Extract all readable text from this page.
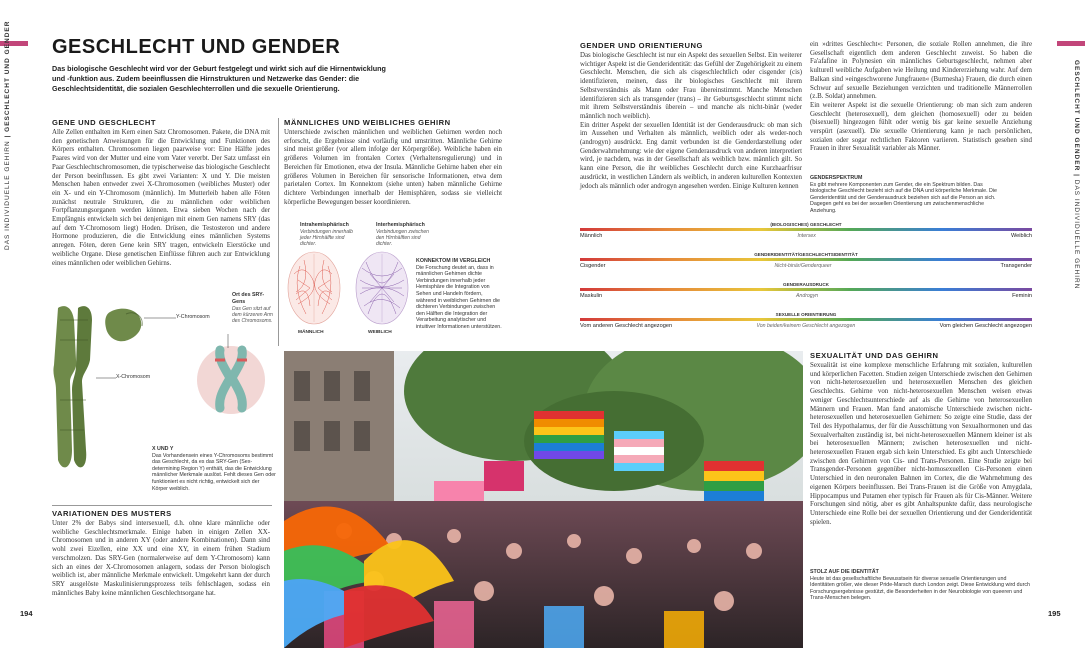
DAS INDIVIDUELLE GEHIRN | GESCHLECHT UND GENDER	GESCHLECHT UND GENDER | DAS INDIVIDUELLE GEHIRN
GESCHLECHT UND GENDER
Das biologische Geschlecht wird vor der Geburt festgelegt und wirkt sich auf die Hirnentwicklung und -funktion aus. Zudem beeinflussen die Hirnstrukturen und Netzwerke das Gender: die Geschlechtsidentität, die sozialen Geschlechterrollen und die sexuelle Orientierung.
GENE UND GESCHLECHT
Alle Zellen enthalten im Kern einen Satz Chromosomen. Pakete, die DNA mit den genetischen Anweisungen für die Entwicklung und Funktionen des Körpers enthalten. Chromosomen liegen paarweise vor: Eine Hälfte jedes Paares wird von der Mutter und eine vom Vater vererbt. Der Satz umfasst ein Paar Geschlechtschromosomen, die typischerweise das biologische Geschlecht der Person beeinflussen. Es gibt zwei Varianten: X und Y. Die meisten Menschen haben entweder zwei X-Chromosomen (weibliches Muster) oder ein X- und ein Y-Chromosom (männlich). Im Mutterleib haben alle Föten zunächst neutrale Strukturen, die zu männlichen oder weiblichen Fortpflanzungsorganen werden können. Etwa sieben Wochen nach der Empfängnis entwickeln sich bei denjenigen mit einem Gen namens SRY (das auf dem Y-Chromosom liegt) Hoden. Drüsen, die Testosteron und andere Hormone produzieren, die die Entwicklung eines männlichen Systems anregen. Föten, deren Gene kein SRY tragen, entwickeln Eierstöcke und weibliche Organe. Diese genetischen Einflüsse führen auch zur Entwicklung eines männlichen oder weiblichen Gehirns.
Y-Chromosom
X-Chromosom
Ort des SRY-Gens
Das Gen sitzt auf dem kürzeren Arm des Chromosoms.
X UND Y
Das Vorhandensein eines Y-Chromosoms bestimmt das Geschlecht, da es das SRY-Gen (Sex-determining Region Y) enthält, das die Entwicklung männlicher Merkmale auslöst. Fehlt dieses Gen oder funktioniert es nicht richtig, entwickelt sich der Körper weiblich.
VARIATIONEN DES MUSTERS
Unter 2% der Babys sind intersexuell, d.h. ohne klare männliche oder weibliche Geschlechtsmerkmale. Einige haben in einigen Zellen XX-Chromosomen und in anderen XY (oder andere Kombinationen). Dann sind wohl zwei Eizellen, eine XX und eine XY, in einem frühen Stadium verschmolzen. Das SRY-Gen (normalerweise auf dem Y-Chromosom) kann sich an eines der X-Chromosomen anlagern, sodass der Person biologisch weiblich ist, aber männliche Merkmale entwickelt. Umgekehrt kann der durch SRY ausgelöste Maskulinisierungsprozess teils fehlschlagen, sodass ein männliches Baby keine männlichen Geschlechtsorgane hat.
194
MÄNNLICHES UND WEIBLICHES GEHIRN
Unterschiede zwischen männlichen und weiblichen Gehirnen werden noch erforscht, die Ergebnisse sind vorläufig und umstritten. Männliche Gehirne sind meist größer (vor allem infolge der Körpergröße). Weibliche haben ein größeres Volumen im frontalen Cortex (Verhaltensregulierung) und in Bereichen für Emotionen, etwa der Insula. Männliche Gehirne haben eher ein größeres Volumen in Bereichen für sensorische Informationen, etwa dem parietalen Cortex. Im Konnektom (siehe unten) haben männliche Gehirne dichtere Verbindungen innerhalb der Hemisphären, sodass sie vielleicht körperliche Bewegungen besser koordinieren.
Intrahemisphärisch
Verbindungen innerhalb jeder Hirnhälfte sind dichter.
Interhemisphärisch
Verbindungen zwischen den Hirnhälften sind dichter.
MÄNNLICH	WEIBLICH
KONNEKTOM IM VERGLEICH
Die Forschung deutet an, dass in männlichen Gehirnen dichte Verbindungen innerhalb jeder Hemisphäre die Integration von Sehen und Handeln fördern, während in weiblichen Gehirnen die dichteren Verbindungen zwischen den Hälften die Integration der Verarbeitung analytischer und intuitiver Informationen unterstützen.
GENDER UND ORIENTIERUNG
Das biologische Geschlecht ist nur ein Aspekt des sexuellen Selbst. Ein weiterer wichtiger Aspekt ist die Genderidentität: das Gefühl der Zugehörigkeit zu einem Geschlecht. Menschen, die sich als cisgeschlechtlich oder cisgender (cis) identifizieren, meinen, dass ihr biologisches Geschlecht mit ihrem Selbstverständnis als Mann oder Frau übereinstimmt. Manche Menschen identifizieren sich als transgender (trans) – ihr Geburtsgeschlecht stimmt nicht mit ihrem Selbstverständnis überein – und manche als nicht-binär (weder männlich noch weiblich).
Ein dritter Aspekt der sexuellen Identität ist der Genderausdruck: ob man sich im Aussehen und Verhalten als männlich, weiblich oder als weder-noch (androgyn) ausdrückt. Eng damit verbunden ist die Genderdarstellung oder Genderwahrnehmung: wie der eigene Genderausdruck von anderen interpretiert wird, je nachdem, was in der Gesellschaft als weiblich bzw. männlich gilt. So kann eine Person, die ihr weibliches Geschlecht durch eine Kurzhaarfrisur ausdrückt, in westlichen Ländern als weiblich, in anderen kulturellen Kontexten jedoch als männlich oder androgyn angesehen werden. Einige Kulturen kennen
ein »drittes Geschlecht«: Personen, die soziale Rollen annehmen, die ihre Gesellschaft eigentlich dem anderen Geschlecht zuweist. So haben die Fa'afafine in Polynesien ein männliches Geburtsgeschlecht, nehmen aber kulturell weibliche Aufgaben wie Heilung und Kindererziehung wahr. Auf dem Balkan sind »eingeschworene Jungfrauen« (Burmesha) Frauen, die durch einen Schwur auf sexuelle Beziehungen verzichten und traditionelle Männerrollen (z.B. Soldat) annehmen.
Ein weiterer Aspekt ist die sexuelle Orientierung: ob man sich zum anderen Geschlecht (heterosexuell), dem gleichen (homosexuell) oder zu beiden (bisexuell) hingezogen fühlt oder wenig bis gar keine sexuelle Anziehung verspürt (asexuell). Die sexuelle Orientierung kann je nach persönlichen, sozialen oder sogar rechtlichen Faktoren variieren. Statistisch gesehen sind Frauen in ihrer Sexualität variabler als Männer.
GENDERSPEKTRUM
Es gibt mehrere Komponenten zum Gender, die ein Spektrum bilden. Das biologische Geschlecht bezieht sich auf die DNA und körperliche Merkmale. Die Genderidentität und der Genderausdruck beziehen sich auf die Person an sich. Dagegen geht es bei der sexuellen Orientierung um zwischenmenschliche Anziehung.
(BIOLOGISCHES) GESCHLECHT
Männlich	Intersex	Weiblich
GENDERIDENTITÄT/GESCHLECHTSIDENTITÄT
Cisgender	Nicht-binär/Genderqueer	Transgender
GENDERAUSDRUCK
Maskulin	Androgyn	Feminin
SEXUELLE ORIENTIERUNG
Vom anderen Geschlecht angezogen	Von beiden/keinem Geschlecht angezogen	Vom gleichen Geschlecht angezogen
SEXUALITÄT UND DAS GEHIRN
Sexualität ist eine komplexe menschliche Erfahrung mit sozialen, kulturellen und körperlichen Facetten. Studien zeigen Unterschiede zwischen den Gehirnen von nicht-heterosexuellen und heterosexuellen Menschen des gleichen Geschlechts. Gehirne von nicht-heterosexuellen Menschen weisen etwas weniger Geschlechtsunterschiede auf als die Gehirne von heterosexuellen Männern und Frauen. Man fand anatomische Unterschiede zwischen nicht-heterosexuellen und heterosexuellen Gehirnen: So zeigte eine Studie, dass der Teil des Hypothalamus, der für die Ausschüttung von Sexualhormonen und das Sexualverhalten zuständig ist, bei nicht-heterosexuellen Männern kleiner ist als bei heterosexuellen Männern; zwischen heterosexuellen und nicht-heterosexuellen Frauen ergab sich kein Unterschied. Es gibt auch Unterschiede zwischen den Gehirnen von Cis- und Trans-Personen. Eine Studie zeigte bei Transgender-Personen gegenüber nicht-homosexuellen Cis-Personen einen Unterschied in den neuronalen Bahnen im Cortex, die die Wahrnehmung des eigenen Körpers beeinflussen. Bei Trans-Frauen ist die Größe von Amygdala, Hippocampus und Putamen eher typisch für Frauen als für Cis-Männer. Weitere Forschungen sind nötig, aber es gibt Anhaltspunkte dafür, dass neurologische Unterschiede eine Rolle bei der sexuellen Orientierung und der Genderidentität spielen.
STOLZ AUF DIE IDENTITÄT
Heute ist das gesellschaftliche Bewusstsein für diverse sexuelle Orientierungen und Identitäten größer, wie dieser Pride-Marsch durch London zeigt. Diese Entwicklung wird durch Forschungsergebnisse gestützt, die Besonderheiten in der Neurobiologie von queeren und Trans-Menschen belegen.
195
